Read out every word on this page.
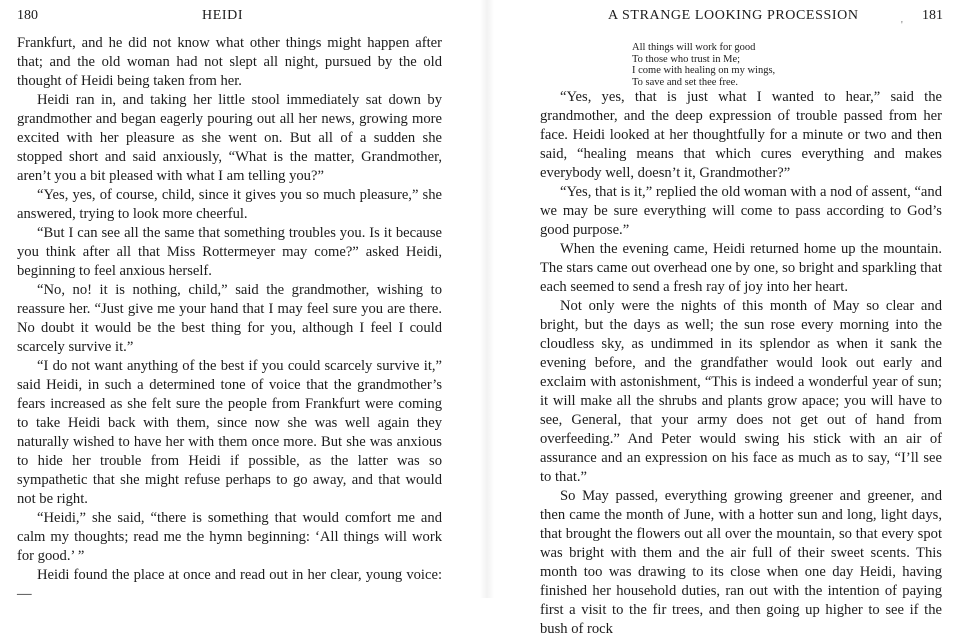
180	HEIDI

Frankfurt, and he did not know what other things might happen after that; and the old woman had not slept all night, pursued by the old thought of Heidi being taken from her.

Heidi ran in, and taking her little stool immediately sat down by grandmother and began eagerly pouring out all her news, growing more excited with her pleasure as she went on. But all of a sudden she stopped short and said anxiously, “What is the matter, Grandmother, aren’t you a bit pleased with what I am telling you?”

“Yes, yes, of course, child, since it gives you so much pleasure,” she answered, trying to look more cheerful.

“But I can see all the same that something troubles you. Is it because you think after all that Miss Rottermeyer may come?” asked Heidi, beginning to feel anxious herself.

“No, no! it is nothing, child,” said the grandmother, wishing to reassure her. “Just give me your hand that I may feel sure you are there. No doubt it would be the best thing for you, although I feel I could scarcely survive it.”

“I do not want anything of the best if you could scarcely survive it,” said Heidi, in such a determined tone of voice that the grandmother’s fears increased as she felt sure the people from Frankfurt were coming to take Heidi back with them, since now she was well again they naturally wished to have her with them once more. But she was anxious to hide her trouble from Heidi if possible, as the latter was so sympathetic that she might refuse perhaps to go away, and that would not be right.

“Heidi,” she said, “there is something that would comfort me and calm my thoughts; read me the hymn beginning: ‘All things will work for good.’ ”

Heidi found the place at once and read out in her clear, young voice:—

A STRANGE LOOKING PROCESSION
'
181
All things will work for good
To those who trust in Me;
I come with healing on my wings,
To save and set thee free.

“Yes, yes, that is just what I wanted to hear,” said the grandmother, and the deep expression of trouble passed from her face. Heidi looked at her thoughtfully for a minute or two and then said, “healing means that which cures everything and makes everybody well, doesn’t it, Grandmother?”

“Yes, that is it,” replied the old woman with a nod of assent, “and we may be sure everything will come to pass according to God’s good purpose.”

When the evening came, Heidi returned home up the mountain. The stars came out overhead one by one, so bright and sparkling that each seemed to send a fresh ray of joy into her heart.

Not only were the nights of this month of May so clear and bright, but the days as well; the sun rose every morning into the cloudless sky, as undimmed in its splendor as when it sank the evening before, and the grandfather would look out early and exclaim with astonishment, “This is indeed a wonderful year of sun; it will make all the shrubs and plants grow apace; you will have to see, General, that your army does not get out of hand from overfeeding.” And Peter would swing his stick with an air of assurance and an expression on his face as much as to say, “I’ll see to that.”

So May passed, everything growing greener and greener, and then came the month of June, with a hotter sun and long, light days, that brought the flowers out all over the mountain, so that every spot was bright with them and the air full of their sweet scents. This month too was drawing to its close when one day Heidi, having finished her household duties, ran out with the intention of paying first a visit to the fir trees, and then going up higher to see if the bush of rock
